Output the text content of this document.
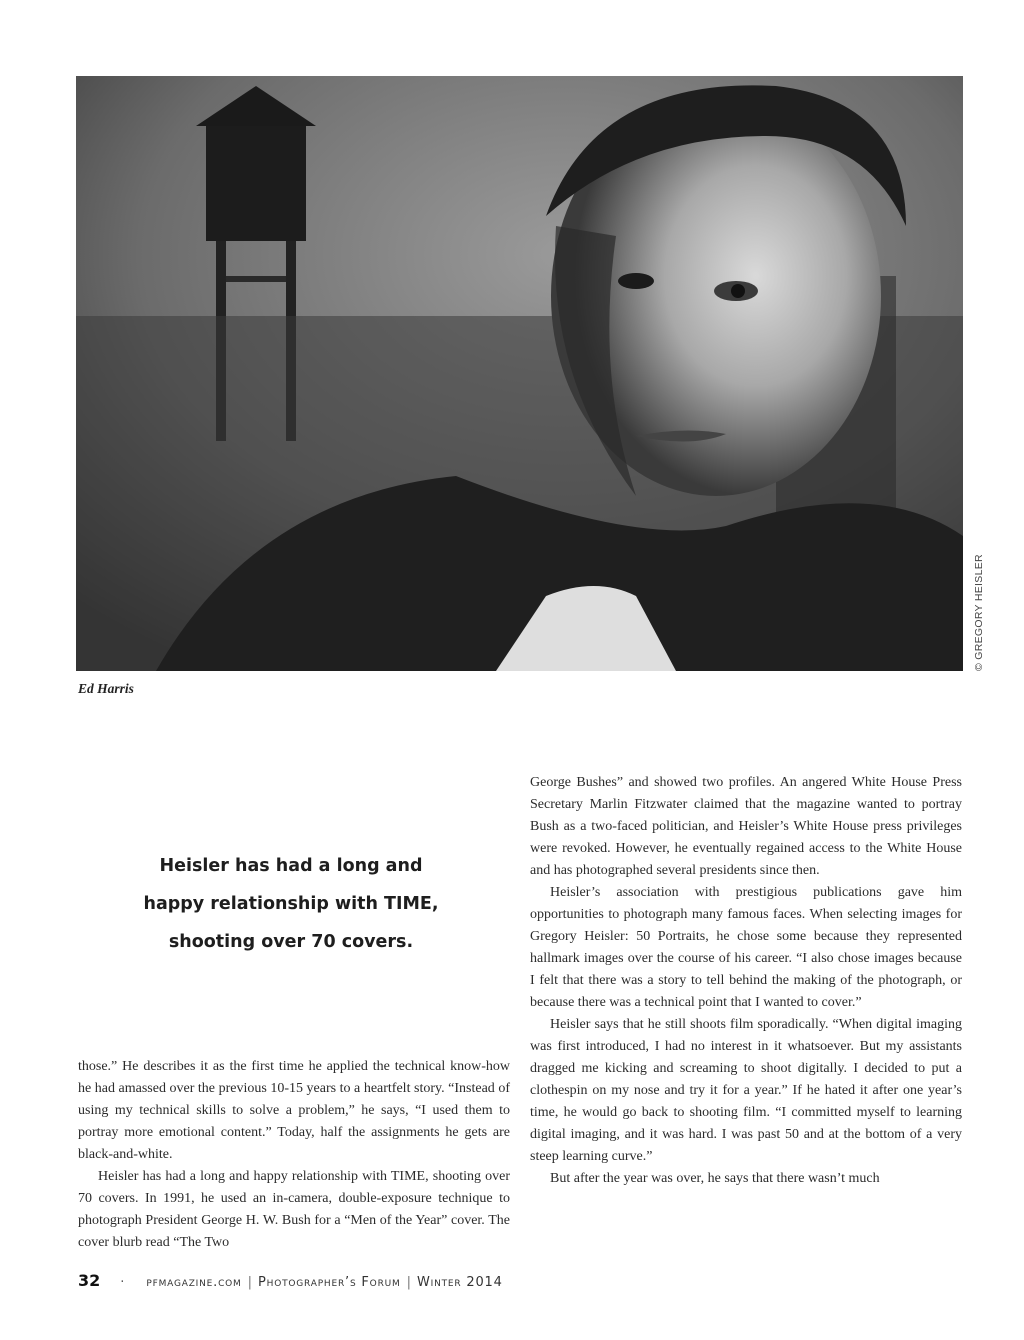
© GREGORY HEISLER
Ed Harris
Heisler has had a long and
happy relationship with TIME,
shooting over 70 covers.

those.” He describes it as the first time he applied the technical know-how he had amassed over the previous 10-15 years to a heartfelt story. “Instead of using my technical skills to solve a problem,” he says, “I used them to portray more emotional content.” Today, half the assignments he gets are black-and-white.

Heisler has had a long and happy relationship with TIME, shooting over 70 covers. In 1991, he used an in-camera, double-exposure technique to photograph President George H. W. Bush for a “Men of the Year” cover. The cover blurb read “The Two

George Bushes” and showed two profiles. An angered White House Press Secretary Marlin Fitzwater claimed that the magazine wanted to portray Bush as a two-faced politician, and Heisler’s White House press privileges were revoked. However, he eventually regained access to the White House and has photographed several presidents since then.

Heisler’s association with prestigious publications gave him opportunities to photograph many famous faces. When selecting images for Gregory Heisler: 50 Portraits, he chose some because they represented hallmark images over the course of his career. “I also chose images because I felt that there was a story to tell behind the making of the photograph, or because there was a technical point that I wanted to cover.”

Heisler says that he still shoots film sporadically. “When digital imaging was first introduced, I had no interest in it whatsoever. But my assistants dragged me kicking and screaming to shoot digitally. I decided to put a clothespin on my nose and try it for a year.” If he hated it after one year’s time, he would go back to shooting film. “I committed myself to learning digital imaging, and it was hard. I was past 50 and at the bottom of a very steep learning curve.”

But after the year was over, he says that there wasn’t much

32 · pfmagazine.com | Photographer’s Forum | Winter 2014
